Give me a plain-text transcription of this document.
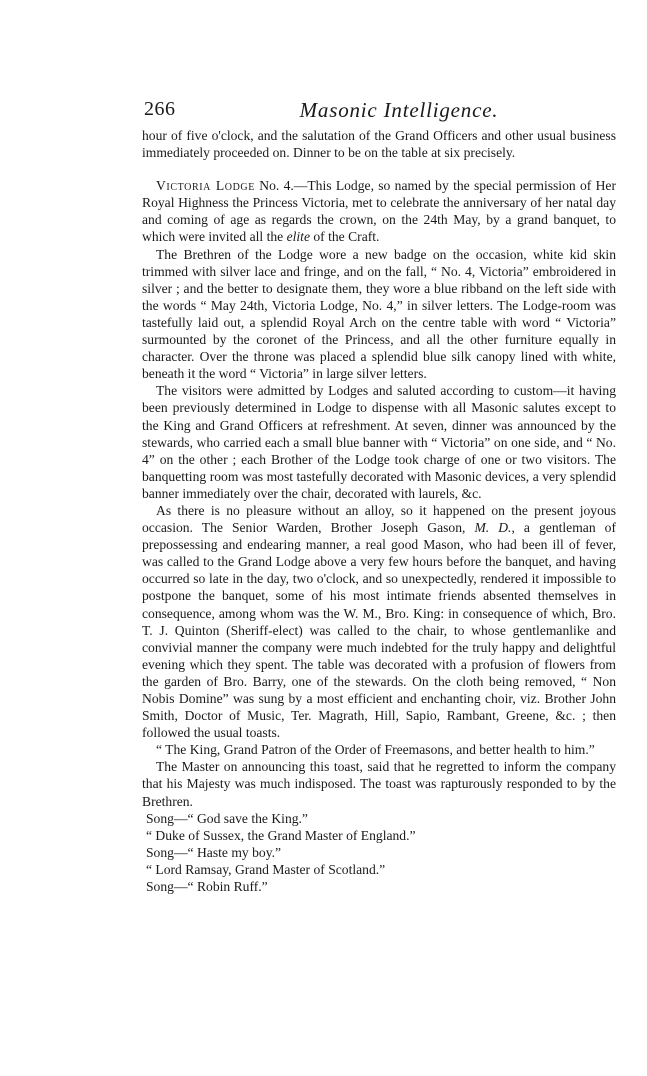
266	Masonic Intelligence.

hour of five o'clock, and the salutation of the Grand Officers and other usual business immediately proceeded on. Dinner to be on the table at six precisely.

Victoria Lodge No. 4.—This Lodge, so named by the special permission of Her Royal Highness the Princess Victoria, met to celebrate the anniversary of her natal day and coming of age as regards the crown, on the 24th May, by a grand banquet, to which were invited all the elite of the Craft.

The Brethren of the Lodge wore a new badge on the occasion, white kid skin trimmed with silver lace and fringe, and on the fall, “ No. 4, Victoria” embroidered in silver ; and the better to designate them, they wore a blue ribband on the left side with the words “ May 24th, Victoria Lodge, No. 4,” in silver letters. The Lodge-room was tastefully laid out, a splendid Royal Arch on the centre table with word “ Victoria” surmounted by the coronet of the Princess, and all the other furniture equally in character. Over the throne was placed a splendid blue silk canopy lined with white, beneath it the word “ Victoria” in large silver letters.

The visitors were admitted by Lodges and saluted according to custom—it having been previously determined in Lodge to dispense with all Masonic salutes except to the King and Grand Officers at refreshment. At seven, dinner was announced by the stewards, who carried each a small blue banner with “ Victoria” on one side, and “ No. 4” on the other ; each Brother of the Lodge took charge of one or two visitors. The banquetting room was most tastefully decorated with Masonic devices, a very splendid banner immediately over the chair, decorated with laurels, &c.

As there is no pleasure without an alloy, so it happened on the present joyous occasion. The Senior Warden, Brother Joseph Gason, M. D., a gentleman of prepossessing and endearing manner, a real good Mason, who had been ill of fever, was called to the Grand Lodge above a very few hours before the banquet, and having occurred so late in the day, two o'clock, and so unexpectedly, rendered it impossible to postpone the banquet, some of his most intimate friends absented themselves in consequence, among whom was the W. M., Bro. King: in consequence of which, Bro. T. J. Quinton (Sheriff-elect) was called to the chair, to whose gentlemanlike and convivial manner the company were much indebted for the truly happy and delightful evening which they spent. The table was decorated with a profusion of flowers from the garden of Bro. Barry, one of the stewards. On the cloth being removed, “ Non Nobis Domine” was sung by a most efficient and enchanting choir, viz. Brother John Smith, Doctor of Music, Ter. Magrath, Hill, Sapio, Rambant, Greene, &c. ; then followed the usual toasts.

“ The King, Grand Patron of the Order of Freemasons, and better health to him.”

The Master on announcing this toast, said that he regretted to inform the company that his Majesty was much indisposed. The toast was rapturously responded to by the Brethren.

Song—“ God save the King.”

“ Duke of Sussex, the Grand Master of England.”

Song—“ Haste my boy.”

“ Lord Ramsay, Grand Master of Scotland.”

Song—“ Robin Ruff.”
